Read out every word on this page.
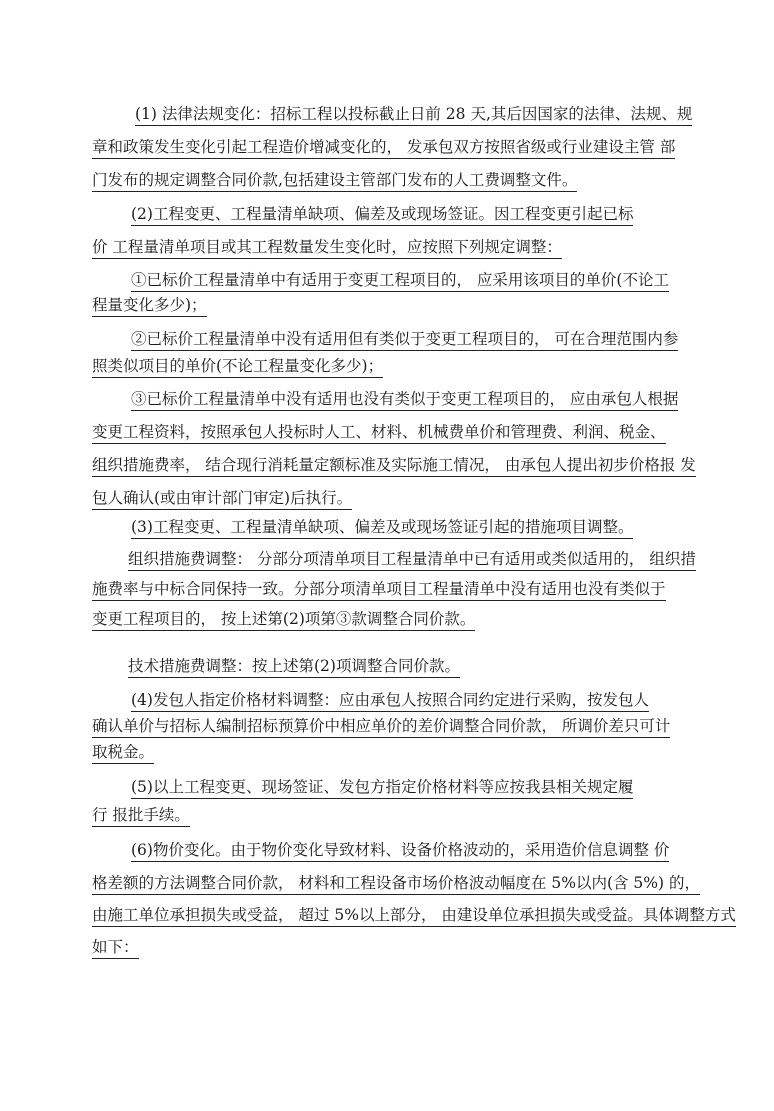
(1) 法律法规变化：招标工程以投标截止日前 28 天,其后因国家的法律、法规、规
章和政策发生变化引起工程造价增减变化的， 发承包双方按照省级或行业建设主管 部
门发布的规定调整合同价款,包括建设主管部门发布的人工费调整文件。
(2)工程变更、工程量清单缺项、偏差及或现场签证。因工程变更引起已标
价 工程量清单项目或其工程数量发生变化时，应按照下列规定调整：
①已标价工程量清单中有适用于变更工程项目的， 应采用该项目的单价(不论工
程量变化多少)；
②已标价工程量清单中没有适用但有类似于变更工程项目的， 可在合理范围内参
照类似项目的单价(不论工程量变化多少)；
③已标价工程量清单中没有适用也没有类似于变更工程项目的， 应由承包人根据
变更工程资料，按照承包人投标时人工、材料、机械费单价和管理费、利润、税金、
组织措施费率， 结合现行消耗量定额标准及实际施工情况， 由承包人提出初步价格报 发
包人确认(或由审计部门审定)后执行。
(3)工程变更、工程量清单缺项、偏差及或现场签证引起的措施项目调整。
组织措施费调整： 分部分项清单项目工程量清单中已有适用或类似适用的， 组织措
施费率与中标合同保持一致。分部分项清单项目工程量清单中没有适用也没有类似于
变更工程项目的， 按上述第(2)项第③款调整合同价款。
技术措施费调整：按上述第(2)项调整合同价款。
(4)发包人指定价格材料调整：应由承包人按照合同约定进行采购，按发包人
确认单价与招标人编制招标预算价中相应单价的差价调整合同价款， 所调价差只可计
取税金。
(5)以上工程变更、现场签证、发包方指定价格材料等应按我县相关规定履
行 报批手续。
(6)物价变化。由于物价变化导致材料、设备价格波动的，采用造价信息调整 价
格差额的方法调整合同价款， 材料和工程设备市场价格波动幅度在 5%以内(含 5%) 的，
由施工单位承担损失或受益， 超过 5%以上部分， 由建设单位承担损失或受益。具体调整方式
如下：
